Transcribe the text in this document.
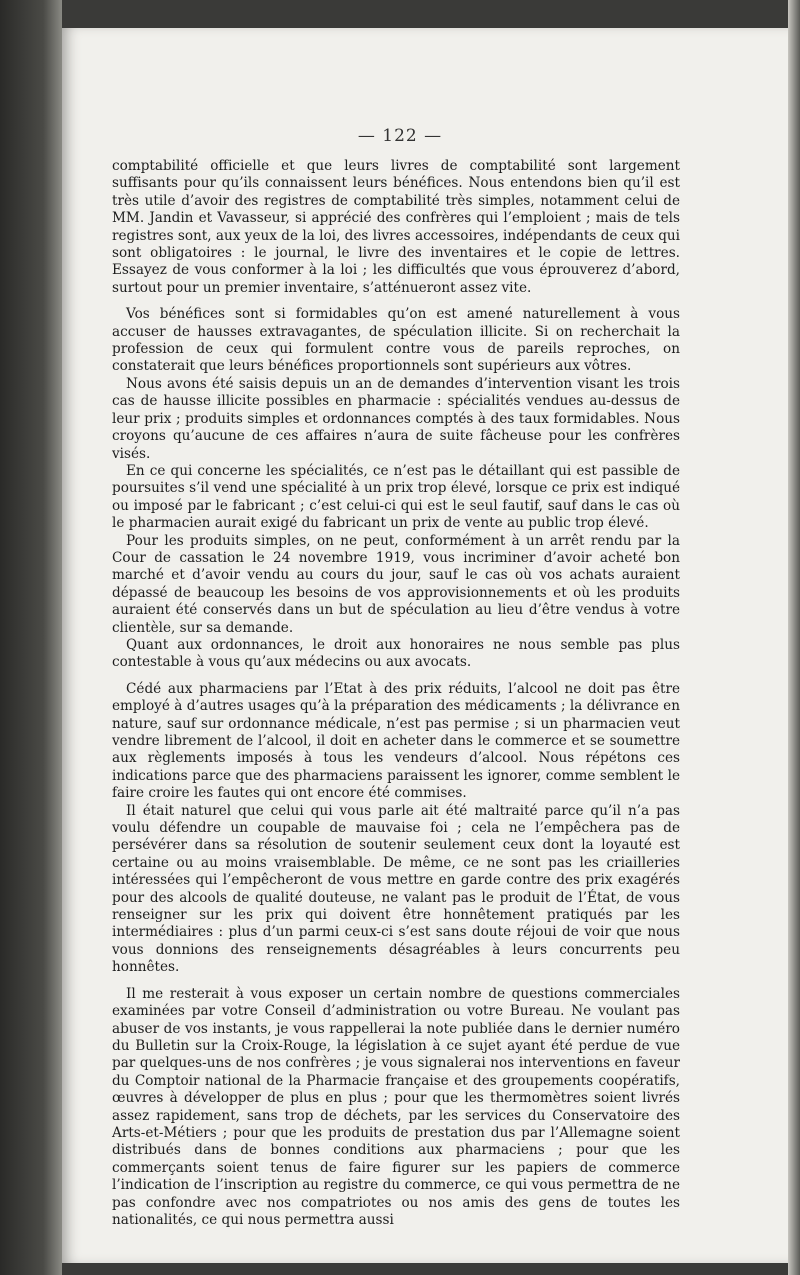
— 122 —

comptabilité officielle et que leurs livres de comptabilité sont largement suffisants pour qu’ils connaissent leurs bénéfices. Nous entendons bien qu’il est très utile d’avoir des registres de comptabilité très simples, notamment celui de MM. Jandin et Vavasseur, si apprécié des confrères qui l’emploient ; mais de tels registres sont, aux yeux de la loi, des livres accessoires, indépendants de ceux qui sont obligatoires : le journal, le livre des inventaires et le copie de lettres. Essayez de vous conformer à la loi ; les difficultés que vous éprouverez d’abord, surtout pour un premier inventaire, s’atténueront assez vite.

Vos bénéfices sont si formidables qu’on est amené naturellement à vous accuser de hausses extravagantes, de spéculation illicite. Si on recherchait la profession de ceux qui formulent contre vous de pareils reproches, on constaterait que leurs bénéfices proportionnels sont supérieurs aux vôtres.

Nous avons été saisis depuis un an de demandes d’intervention visant les trois cas de hausse illicite possibles en pharmacie : spécialités vendues au-dessus de leur prix ; produits simples et ordonnances comptés à des taux formidables. Nous croyons qu’aucune de ces affaires n’aura de suite fâcheuse pour les confrères visés.

En ce qui concerne les spécialités, ce n’est pas le détaillant qui est passible de poursuites s’il vend une spécialité à un prix trop élevé, lorsque ce prix est indiqué ou imposé par le fabricant ; c’est celui-ci qui est le seul fautif, sauf dans le cas où le pharmacien aurait exigé du fabricant un prix de vente au public trop élevé.

Pour les produits simples, on ne peut, conformément à un arrêt rendu par la Cour de cassation le 24 novembre 1919, vous incriminer d’avoir acheté bon marché et d’avoir vendu au cours du jour, sauf le cas où vos achats auraient dépassé de beaucoup les besoins de vos approvisionnements et où les produits auraient été conservés dans un but de spéculation au lieu d’être vendus à votre clientèle, sur sa demande.

Quant aux ordonnances, le droit aux honoraires ne nous semble pas plus contestable à vous qu’aux médecins ou aux avocats.

Cédé aux pharmaciens par l’Etat à des prix réduits, l’alcool ne doit pas être employé à d’autres usages qu’à la préparation des médicaments ; la délivrance en nature, sauf sur ordonnance médicale, n’est pas permise ; si un pharmacien veut vendre librement de l’alcool, il doit en acheter dans le commerce et se soumettre aux règlements imposés à tous les vendeurs d’alcool. Nous répétons ces indications parce que des pharmaciens paraissent les ignorer, comme semblent le faire croire les fautes qui ont encore été commises.

Il était naturel que celui qui vous parle ait été maltraité parce qu’il n’a pas voulu défendre un coupable de mauvaise foi ; cela ne l’empêchera pas de persévérer dans sa résolution de soutenir seulement ceux dont la loyauté est certaine ou au moins vraisemblable. De même, ce ne sont pas les criailleries intéressées qui l’empêcheront de vous mettre en garde contre des prix exagérés pour des alcools de qualité douteuse, ne valant pas le produit de l’État, de vous renseigner sur les prix qui doivent être honnêtement pratiqués par les intermédiaires : plus d’un parmi ceux-ci s’est sans doute réjoui de voir que nous vous donnions des renseignements désagréables à leurs concurrents peu honnêtes.

Il me resterait à vous exposer un certain nombre de questions commerciales examinées par votre Conseil d’administration ou votre Bureau. Ne voulant pas abuser de vos instants, je vous rappellerai la note publiée dans le dernier numéro du Bulletin sur la Croix-Rouge, la législation à ce sujet ayant été perdue de vue par quelques-uns de nos confrères ; je vous signalerai nos interventions en faveur du Comptoir national de la Pharmacie française et des groupements coopératifs, œuvres à développer de plus en plus ; pour que les thermomètres soient livrés assez rapidement, sans trop de déchets, par les services du Conservatoire des Arts-et-Métiers ; pour que les produits de prestation dus par l’Allemagne soient distribués dans de bonnes conditions aux pharmaciens ; pour que les commerçants soient tenus de faire figurer sur les papiers de commerce l’indication de l’inscription au registre du commerce, ce qui vous permettra de ne pas confondre avec nos compatriotes ou nos amis des gens de toutes les nationalités, ce qui nous permettra aussi
